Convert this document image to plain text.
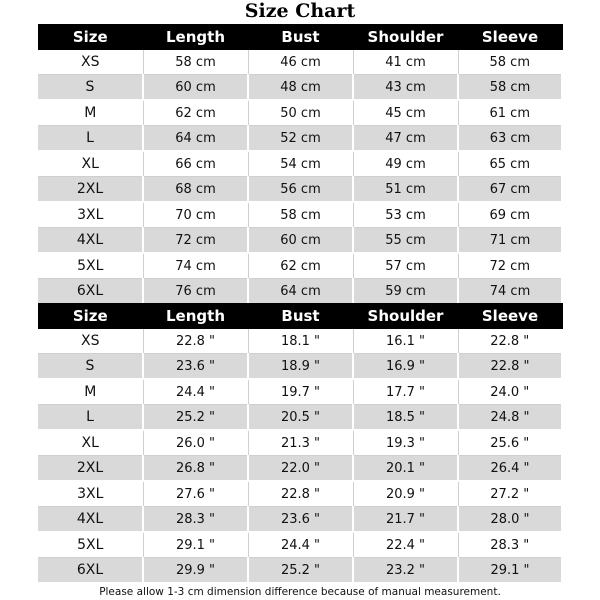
Size Chart
Size	Length	Bust	Shoulder	Sleeve
XS	58 cm	46 cm	41 cm	58 cm
S	60 cm	48 cm	43 cm	58 cm
M	62 cm	50 cm	45 cm	61 cm
L	64 cm	52 cm	47 cm	63 cm
XL	66 cm	54 cm	49 cm	65 cm
2XL	68 cm	56 cm	51 cm	67 cm
3XL	70 cm	58 cm	53 cm	69 cm
4XL	72 cm	60 cm	55 cm	71 cm
5XL	74 cm	62 cm	57 cm	72 cm
6XL	76 cm	64 cm	59 cm	74 cm
Size	Length	Bust	Shoulder	Sleeve
XS	22.8 "	18.1 "	16.1 "	22.8 "
S	23.6 "	18.9 "	16.9 "	22.8 "
M	24.4 "	19.7 "	17.7 "	24.0 "
L	25.2 "	20.5 "	18.5 "	24.8 "
XL	26.0 "	21.3 "	19.3 "	25.6 "
2XL	26.8 "	22.0 "	20.1 "	26.4 "
3XL	27.6 "	22.8 "	20.9 "	27.2 "
4XL	28.3 "	23.6 "	21.7 "	28.0 "
5XL	29.1 "	24.4 "	22.4 "	28.3 "
6XL	29.9 "	25.2 "	23.2 "	29.1 "
Please allow 1-3 cm dimension difference because of manual measurement.
